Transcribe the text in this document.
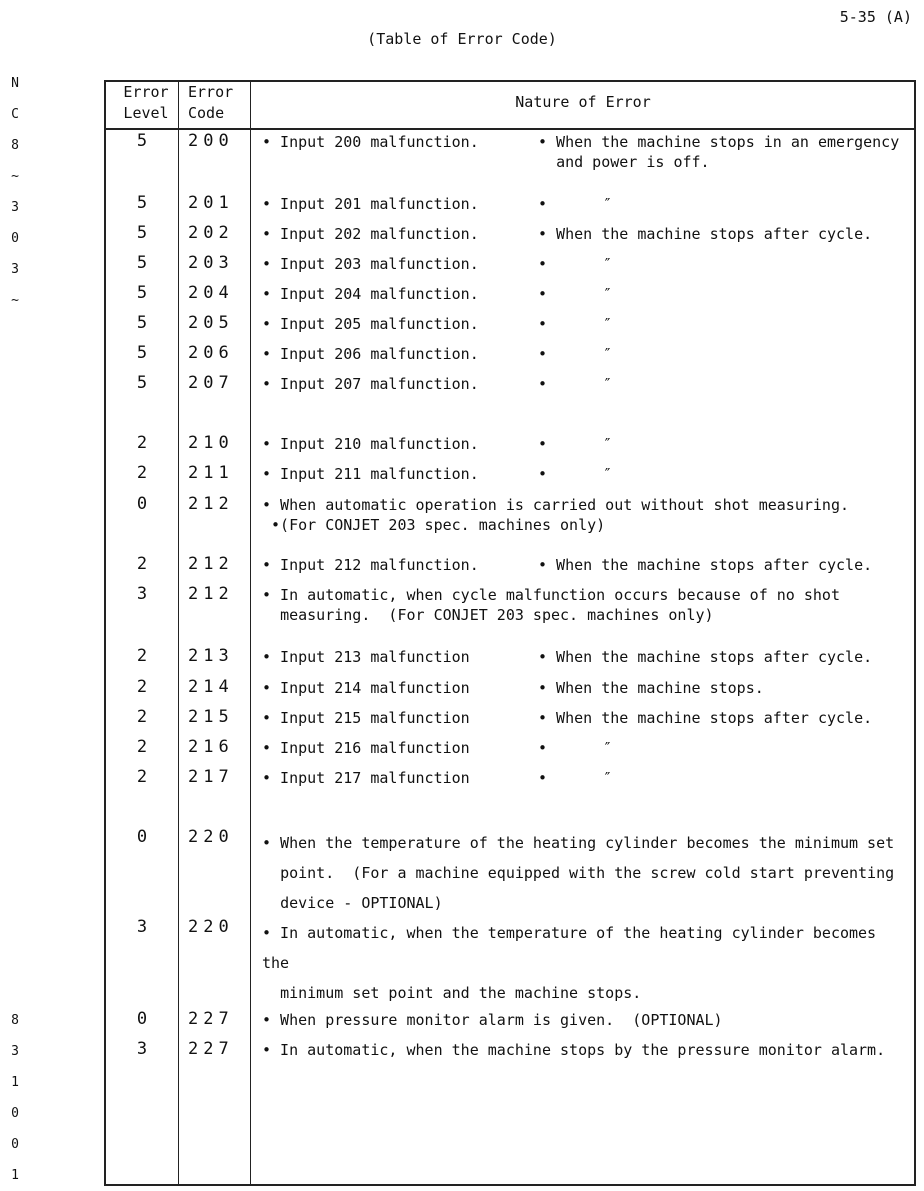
5-35 (A)
(Table of Error Code)
N
C
8
~
3
0
3
~
8
3
1
0
0
1
Error
Level
Error
Code
Nature of Error
5	200 • Input 200 malfunction.	• When the machine stops in an emergency
and power is off.
5	201 • Input 201 malfunction.	•	″
5	202 • Input 202 malfunction.	• When the machine stops after cycle.
5	203 • Input 203 malfunction.	•	″
5	204 • Input 204 malfunction.	•	″
5	205 • Input 205 malfunction.	•	″
5	206 • Input 206 malfunction.	•	″
5	207 • Input 207 malfunction.	•	″
2	210 • Input 210 malfunction.	•	″
2	211 • Input 211 malfunction.	•	″
0	212 • When automatic operation is carried out without shot measuring.
•(For CONJET 203 spec. machines only)
2	212 • Input 212 malfunction.	• When the machine stops after cycle.
3	212 • In automatic, when cycle malfunction occurs because of no shot
measuring.  (For CONJET 203 spec. machines only)
2	213 • Input 213 malfunction	• When the machine stops after cycle.
2	214 • Input 214 malfunction	• When the machine stops.
2	215 • Input 215 malfunction	• When the machine stops after cycle.
2	216 • Input 216 malfunction	•	″
2	217 • Input 217 malfunction	•	″
0	220 • When the temperature of the heating cylinder becomes the minimum set
point.  (For a machine equipped with the screw cold start preventing
device - OPTIONAL)
3	220 • In automatic, when the temperature of the heating cylinder becomes the
minimum set point and the machine stops.
0	227 • When pressure monitor alarm is given.  (OPTIONAL)
3	227 • In automatic, when the machine stops by the pressure monitor alarm.
